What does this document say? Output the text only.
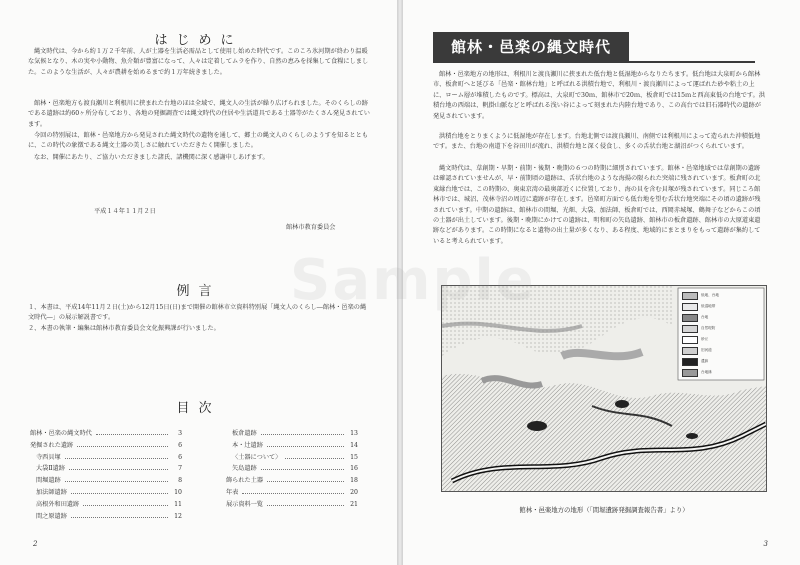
はじめに
縄文時代は、今から約１万２千年前、人が土器を生活必需品として使用し始めた時代です。このころ氷河期が終わり温暖な気候となり、木の実や小動物、魚介類が豊富になって、人々は定着してムラを作り、自然の恵みを採集して食糧にしました。このような生活が、人々が農耕を始めるまで約１万年続きました。
館林・邑楽地方も渡良瀬川と利根川に挟まれた台地のほは全域で、縄文人の生活が繰り広げられました。そのくらしの跡である遺跡は約60ヶ所分布しており、各地の発掘調査では縄文時代の住居や生活道具である土器等がたくさん発見されています。
今回の特別展は、館林・邑楽地方から発見された縄文時代の遺物を通して、郷土の縄文人のくらしのようすを知るとともに、この時代の象徴である縄文土器の美しさに触れていただきたく開催しました。
なお、開催にあたり、ご協力いただきました諸氏、諸機関に深く感謝申しあげます。
平成１４年１１月２日
館林市教育委員会
例言
１、本書は、平成14年11月２日(土)から12月15日(日)まで開催の館林市立資料特別展「縄文人のくらし―館林・邑楽の縄文時代―」の展示解説書です。
２、本書の執筆・編集は館林市教育委員会文化振興課が行いました。
目次
館林・邑楽の縄文時代	3
発掘された遺跡	6
寺西貝塚	6
大袋Ⅱ遺跡	7
間堀遺跡	8
加法師遺跡	10
高根外和田遺跡	11
間之原遺跡	12
板倉遺跡	13
本・辻遺跡	14
〈土器について〉	15
矢島遺跡	16
飾られた土器	18
年表	20
展示資料一覧	21
2
館林・邑楽の縄文時代
館林・邑楽地方の地形は、利根川と渡良瀬川に挟まれた低台地と低湿地からなりたちます。低台地は大泉町から館林市、板倉町へと延びる「邑楽・館林台地」と呼ばれる洪積台地で、利根川・渡良瀬川によって運ばれた砂や粘土の上に、ローム層が堆積したものです。標高は、大泉町で30ｍ、館林市で20ｍ、板倉町では15ｍと西高東低の台地です。洪積台地の西端は、帆掛山脈などと呼ばれる浅い谷によって刻まれた内陸台地であり、この高台では旧石器時代の遺跡が発見されています。
洪積台地をとりまくように低湿地が存在します。台地北側では渡良瀬川、南側では利根川によって造られた沖積低地です。また、台地の南道下を谷田川が流れ、洪積台地と深く侵食し、多くの舌状台地と湖沼がつくられています。
縄文時代は、草創期・早期・前期・後期・晩期の６つの時期に細別されています。館林・邑楽地域では草創期の遺跡は確認されていませんが、早・前期頃の遺跡は、舌状台地のような海揚の限られた突端に残されています。板倉町の北東縁台地では、この時期の、奥東京湾の最奥部近くに位置しており、海の貝を含む貝塚が残されています。同じころ館林市では、城沼、茂林寺沼の周辺に遺跡が存在します。邑楽町方面でも低台地を望む舌状台地突端にその頃の遺跡が残されています。中期の遺跡は、館林市の間堀、光畑、大袋、加法師、板倉町では、西岡赤城塚、鶴舞子などからこの頃の土器が出土しています。後期・晩期にかけての遺跡は、明和町の矢島遺跡、館林市の板倉遺跡、館林市の大原道東遺跡などがあります。この時期になると遺物の出土量が多くなり、ある程度、地域的にまとまりをもって遺跡が集約していると考えられています。
低地、台地
低湿地帯
台地
自然堤防
砂丘
旧河道
遺跡
台地縁
館林・邑楽地方の地形（「間堀遺跡発掘調査報告書」より）
3
